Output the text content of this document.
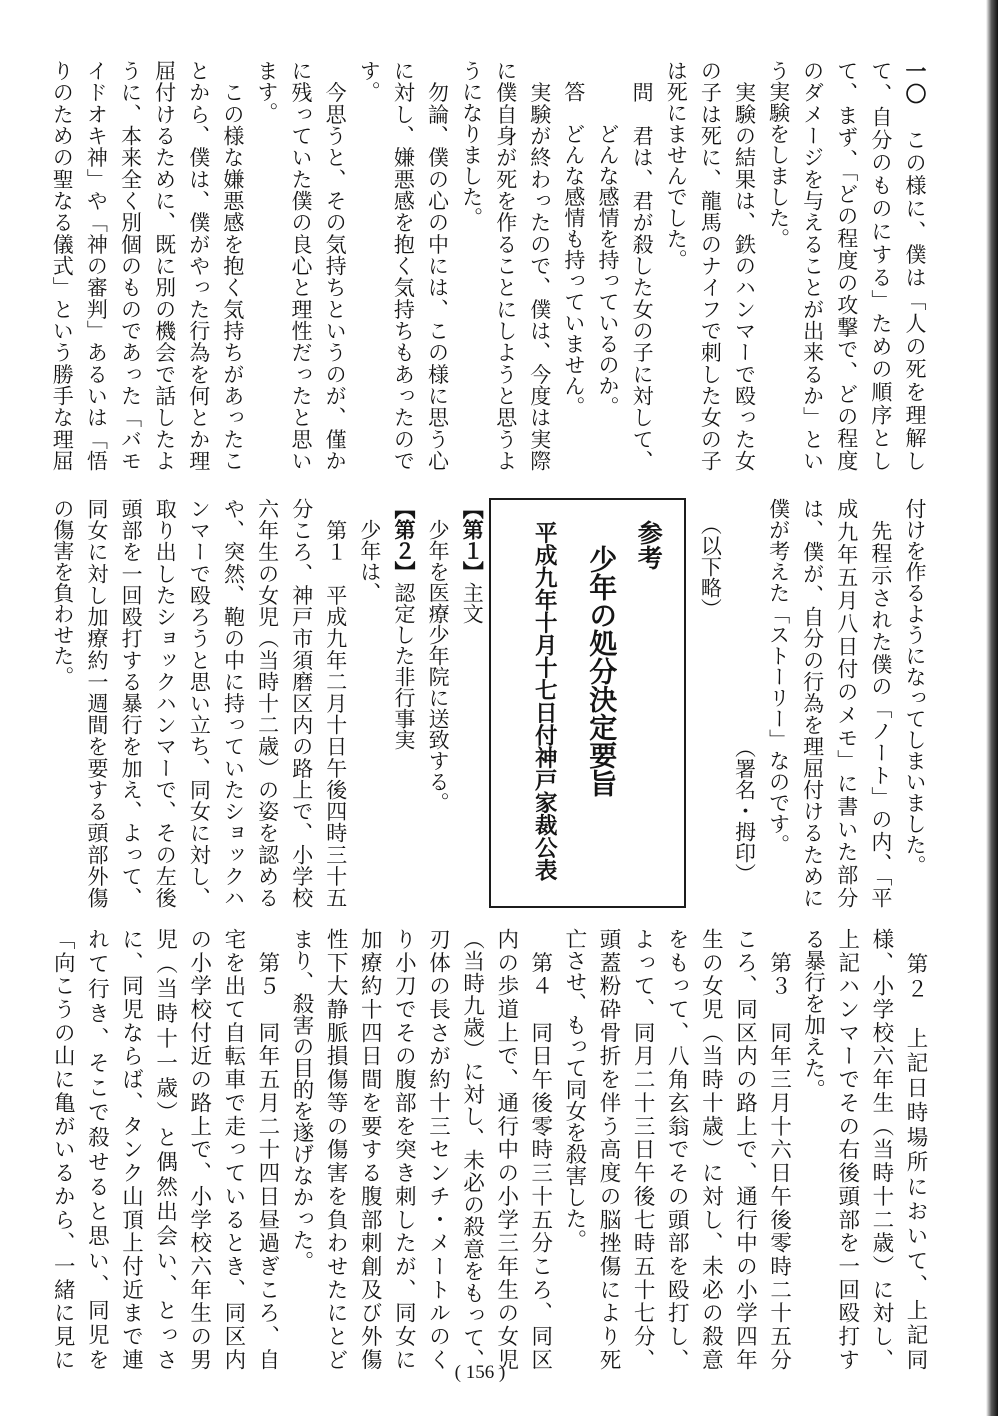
一〇　この様に、僕は「人の死を理解し
て、自分のものにする」ための順序とし
て、まず、「どの程度の攻撃で、どの程度
のダメージを与えることが出来るか」とい
う実験をしました。
　実験の結果は、鉄のハンマーで殴った女
の子は死に、龍馬のナイフで刺した女の子
は死にませんでした。
　問　君は、君が殺した女の子に対して、
　　　どんな感情を持っているのか。
　答　どんな感情も持っていません。
　実験が終わったので、僕は、今度は実際
に僕自身が死を作ることにしようと思うよ
うになりました。
　勿論、僕の心の中には、この様に思う心
に対し、嫌悪感を抱く気持ちもあったので
す。
　今思うと、その気持ちというのが、僅か
に残っていた僕の良心と理性だったと思い
ます。
　この様な嫌悪感を抱く気持ちがあったこ
とから、僕は、僕がやった行為を何とか理
屈付けるために、既に別の機会で話したよ
うに、本来全く別個のものであった「バモ
イドオキ神」や「神の審判」あるいは「悟
りのための聖なる儀式」という勝手な理屈
付けを作るようになってしまいました。
　先程示された僕の「ノート」の内、「平
成九年五月八日付のメモ」に書いた部分
は、僕が、自分の行為を理屈付けるために
僕が考えた「ストーリー」なのです。
（署名・拇印）
（以下略）
参考
少年の処分決定要旨
平成九年十月十七日付神戸家裁公表
【第１】主文
　少年を医療少年院に送致する。
【第２】認定した非行事実
　少年は、
　第１　平成九年二月十日午後四時三十五
分ころ、神戸市須磨区内の路上で、小学校
六年生の女児（当時十二歳）の姿を認める
や、突然、鞄の中に持っていたショックハ
ンマーで殴ろうと思い立ち、同女に対し、
取り出したショックハンマーで、その左後
頭部を一回殴打する暴行を加え、よって、
同女に対し加療約一週間を要する頭部外傷
の傷害を負わせた。
　第２　上記日時場所において、上記同
様、小学校六年生（当時十二歳）に対し、
上記ハンマーでその右後頭部を一回殴打す
る暴行を加えた。
　第３　同年三月十六日午後零時二十五分
ころ、同区内の路上で、通行中の小学四年
生の女児（当時十歳）に対し、未必の殺意
をもって、八角玄翁でその頭部を殴打し、
よって、同月二十三日午後七時五十七分、
頭蓋粉砕骨折を伴う高度の脳挫傷により死
亡させ、もって同女を殺害した。
　第４　同日午後零時三十五分ころ、同区
内の歩道上で、通行中の小学三年生の女児
（当時九歳）に対し、未必の殺意をもって、
刃体の長さが約十三センチ・メートルのく
り小刀でその腹部を突き刺したが、同女に
加療約十四日間を要する腹部刺創及び外傷
性下大静脈損傷等の傷害を負わせたにとど
まり、殺害の目的を遂げなかった。
　第５　同年五月二十四日昼過ぎころ、自
宅を出て自転車で走っているとき、同区内
の小学校付近の路上で、小学校六年生の男
児（当時十一歳）と偶然出会い、とっさ
に、同児ならば、タンク山頂上付近まで連
れて行き、そこで殺せると思い、同児を
「向こうの山に亀がいるから、一緒に見に
( 156 )
